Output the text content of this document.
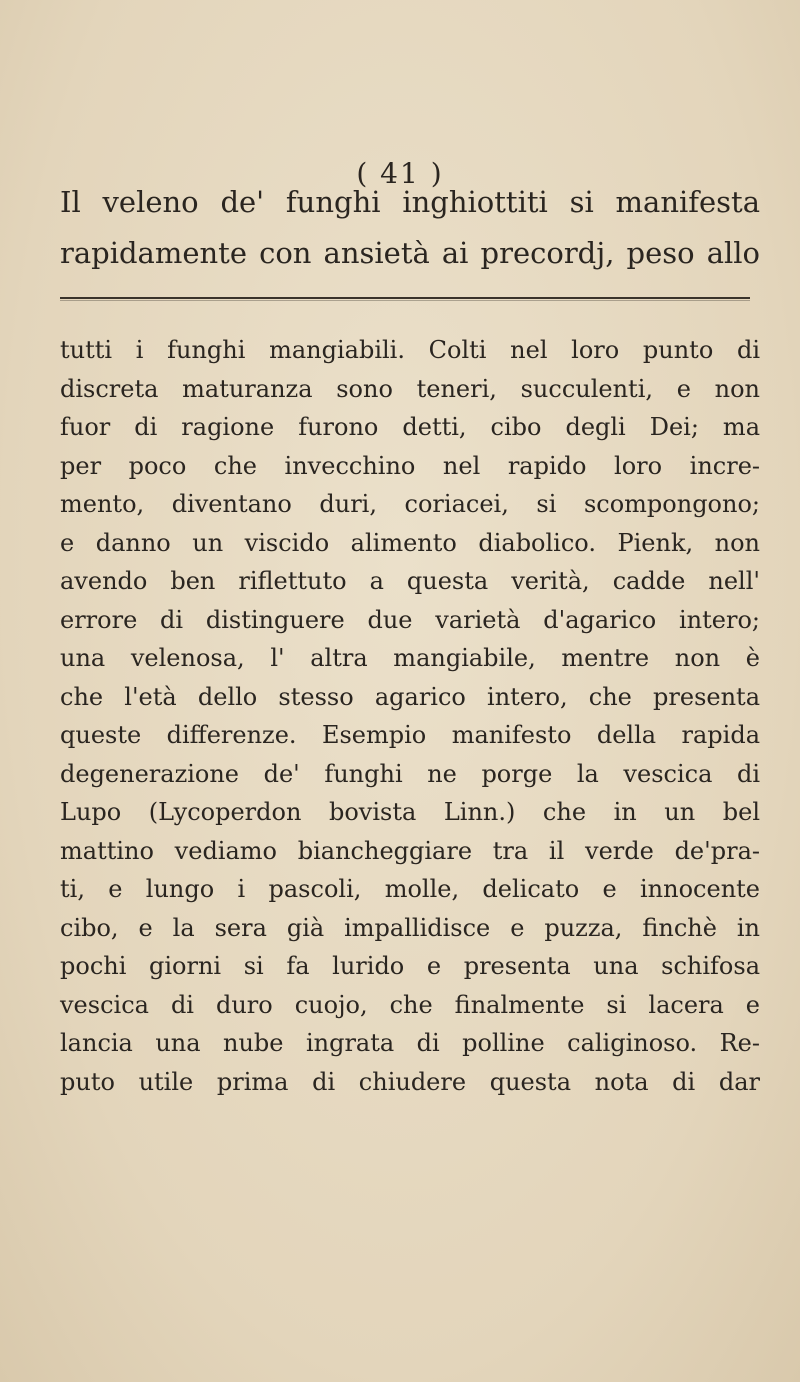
( 41 )
Il veleno de' funghi inghiottiti si manifesta
rapidamente con ansietà ai precordj, peso allo
tutti i funghi mangiabili. Colti nel loro punto di
discreta maturanza sono teneri, succulenti, e non
fuor di ragione furono detti, cibo degli Dei; ma
per poco che invecchino nel rapido loro incre-
mento, diventano duri, coriacei, si scompongono;
e danno un viscido alimento diabolico. Pienk, non
avendo ben riflettuto a questa verità, cadde nell'
errore di distinguere due varietà d'agarico intero;
una velenosa, l' altra mangiabile, mentre non è
che l'età dello stesso agarico intero, che presenta
queste differenze. Esempio manifesto della rapida
degenerazione de' funghi ne porge la vescica di
Lupo (Lycoperdon bovista Linn.) che in un bel
mattino vediamo biancheggiare tra il verde de'pra-
ti, e lungo i pascoli, molle, delicato e innocente
cibo, e la sera già impallidisce e puzza, finchè in
pochi giorni si fa lurido e presenta una schifosa
vescica di duro cuojo, che finalmente si lacera e
lancia una nube ingrata di polline caliginoso. Re-
puto utile prima di chiudere questa nota di dar
